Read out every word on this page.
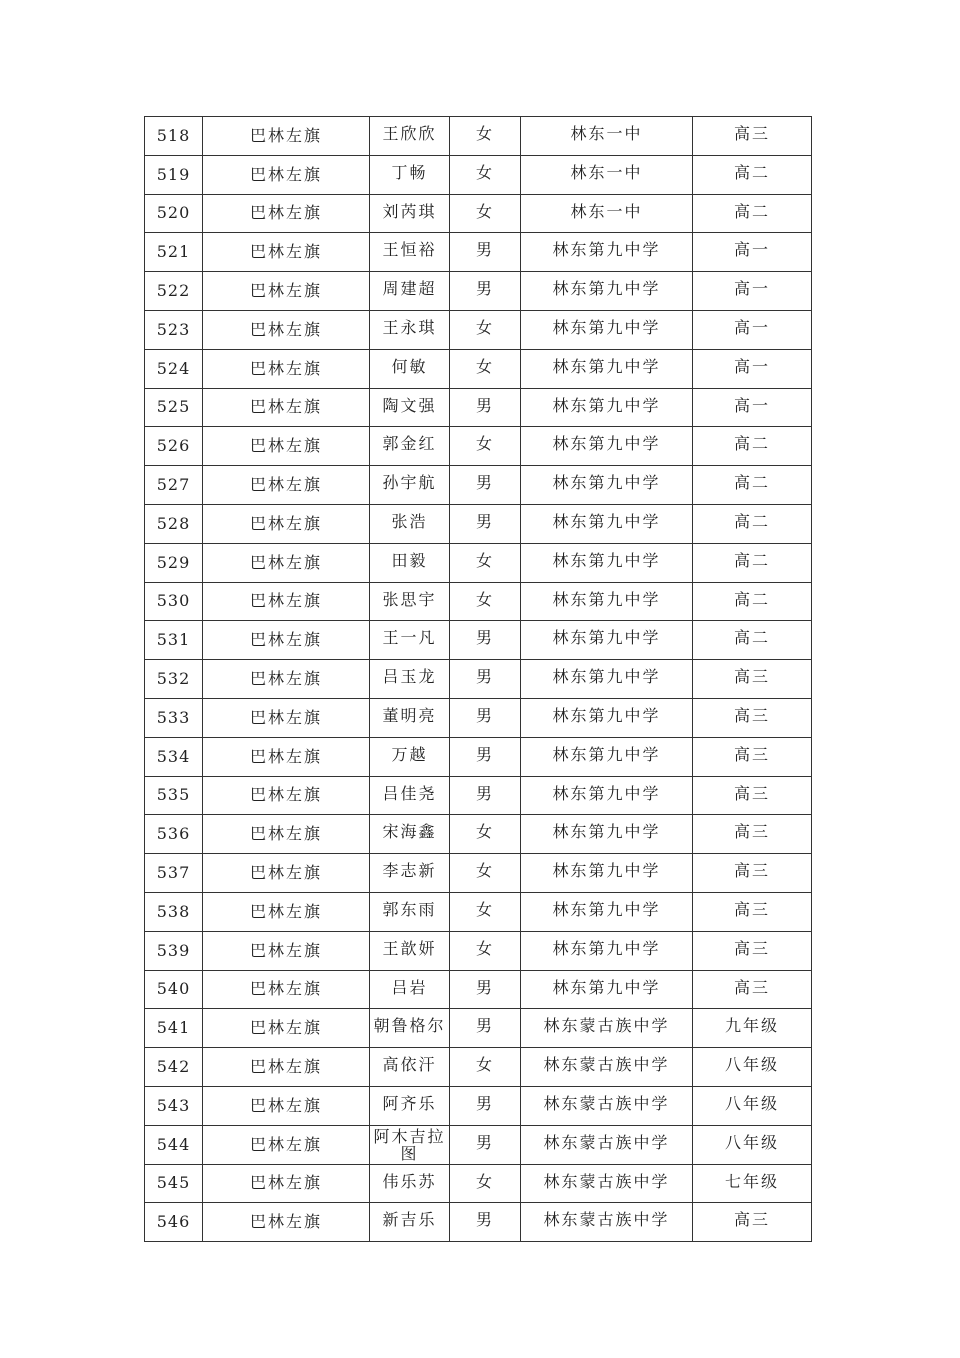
518	巴林左旗	王欣欣	女	林东一中	高三
519	巴林左旗	丁畅	女	林东一中	高二
520	巴林左旗	刘芮琪	女	林东一中	高二
521	巴林左旗	王恒裕	男	林东第九中学	高一
522	巴林左旗	周建超	男	林东第九中学	高一
523	巴林左旗	王永琪	女	林东第九中学	高一
524	巴林左旗	何敏	女	林东第九中学	高一
525	巴林左旗	陶文强	男	林东第九中学	高一
526	巴林左旗	郭金红	女	林东第九中学	高二
527	巴林左旗	孙宇航	男	林东第九中学	高二
528	巴林左旗	张浩	男	林东第九中学	高二
529	巴林左旗	田毅	女	林东第九中学	高二
530	巴林左旗	张思宇	女	林东第九中学	高二
531	巴林左旗	王一凡	男	林东第九中学	高二
532	巴林左旗	吕玉龙	男	林东第九中学	高三
533	巴林左旗	董明亮	男	林东第九中学	高三
534	巴林左旗	万越	男	林东第九中学	高三
535	巴林左旗	吕佳尧	男	林东第九中学	高三
536	巴林左旗	宋海鑫	女	林东第九中学	高三
537	巴林左旗	李志新	女	林东第九中学	高三
538	巴林左旗	郭东雨	女	林东第九中学	高三
539	巴林左旗	王歆妍	女	林东第九中学	高三
540	巴林左旗	吕岩	男	林东第九中学	高三
541	巴林左旗	朝鲁格尔	男	林东蒙古族中学	九年级
542	巴林左旗	高依汗	女	林东蒙古族中学	八年级
543	巴林左旗	阿齐乐	男	林东蒙古族中学	八年级
544	巴林左旗	阿木吉拉图	男	林东蒙古族中学	八年级
545	巴林左旗	伟乐苏	女	林东蒙古族中学	七年级
546	巴林左旗	新吉乐	男	林东蒙古族中学	高三
